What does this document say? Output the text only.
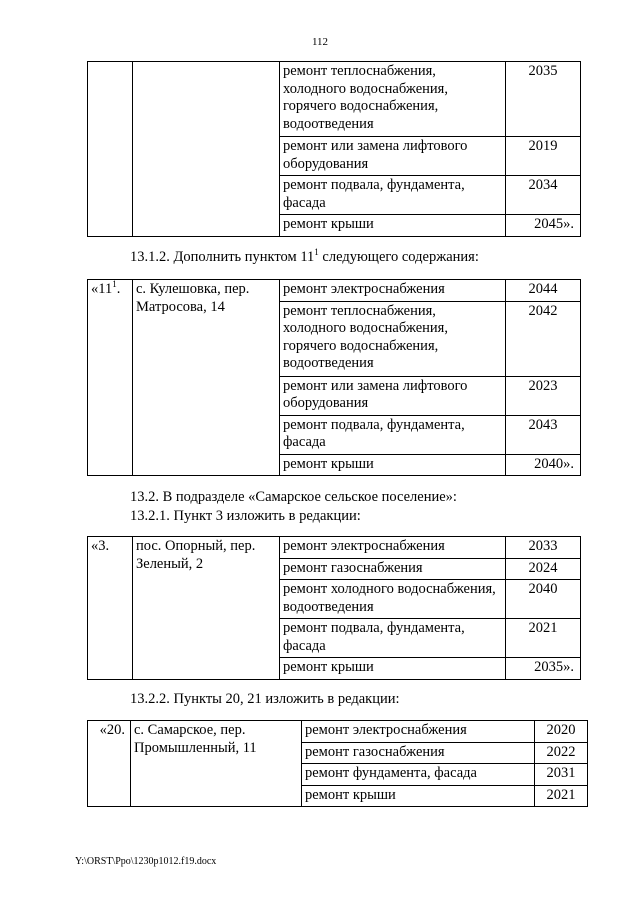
112
		ремонт теплоснабжения, холодного водоснабжения, горячего водоснабжения, водоотведения	2035
		ремонт или замена лифтового оборудования	2019
		ремонт подвала, фундамента, фасада	2034
		ремонт крыши	2045».
13.1.2. Дополнить пунктом $11^1$ следующего содержания:
«$11^1$.	с. Кулешовка, пер. Матросова, 14	ремонт электроснабжения	2044
		ремонт теплоснабжения, холодного водоснабжения, горячего водоснабжения, водоотведения	2042
		ремонт или замена лифтового оборудования	2023
		ремонт подвала, фундамента, фасада	2043
		ремонт крыши	2040».
13.2. В подразделе «Самарское сельское поселение»:
13.2.1. Пункт 3 изложить в редакции:
«3.	пос. Опорный, пер. Зеленый, 2	ремонт электроснабжения	2033
		ремонт газоснабжения	2024
		ремонт холодного водоснабжения, водоотведения	2040
		ремонт подвала, фундамента, фасада	2021
		ремонт крыши	2035».
13.2.2. Пункты 20, 21 изложить в редакции:
«20.	с. Самарское, пер. Промышленный, 11	ремонт электроснабжения	2020
		ремонт газоснабжения	2022
		ремонт фундамента, фасада	2031
		ремонт крыши	2021
Y:\ORST\Ppo\1230p1012.f19.docx
